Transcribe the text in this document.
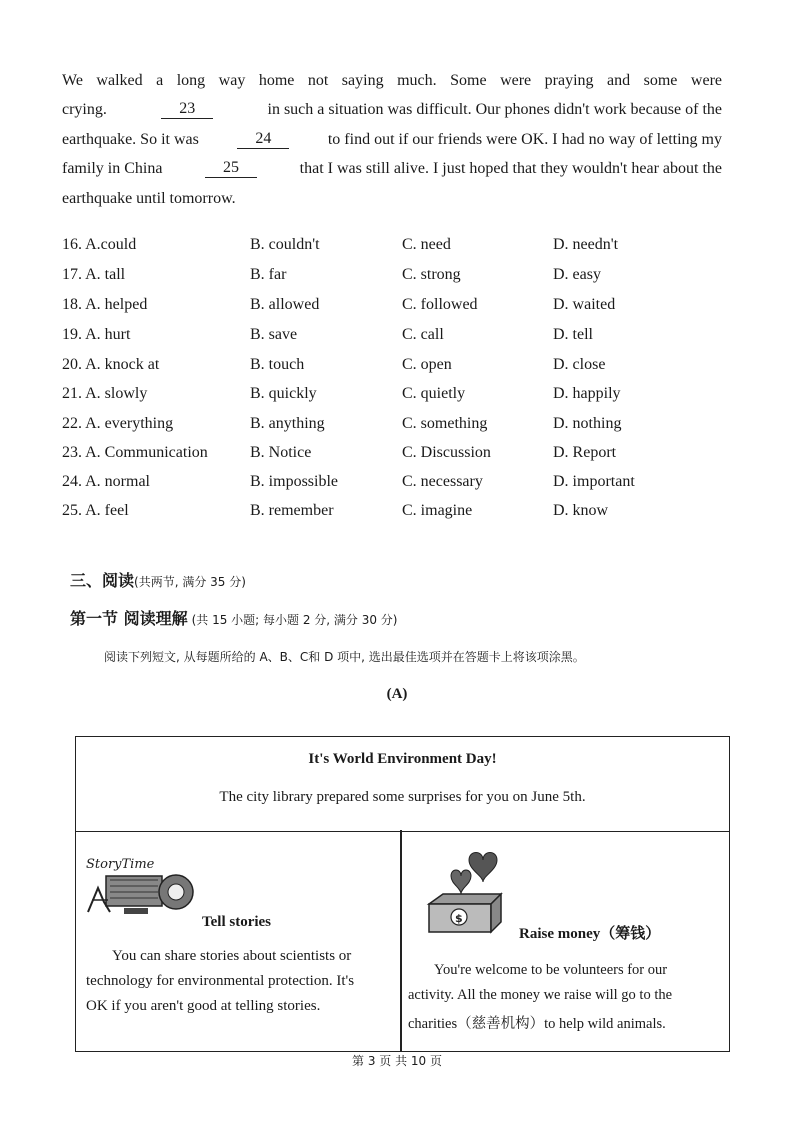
We walked a long way home not saying much. Some were praying and some were
crying.	23	in such a situation was difficult. Our phones didn't work because of the
earthquake. So it was	24	to find out if our friends were OK. I had no way of letting my
family in China	25	that I was still alive. I just hoped that they wouldn't hear about the
earthquake until tomorrow.
16. A.could	B. couldn't	C. need	D. needn't
17. A. tall	B. far	C. strong	D. easy
18. A. helped	B. allowed	C. followed	D. waited
19. A. hurt	B. save	C. call	D. tell
20. A. knock at	B. touch	C. open	D. close
21. A. slowly	B. quickly	C. quietly	D. happily
22. A. everything	B. anything	C. something	D. nothing
23. A. Communication	B. Notice	C. Discussion	D. Report
24. A. normal	B. impossible	C. necessary	D. important
25. A. feel	B. remember	C. imagine	D. know
三、阅读(共两节, 满分 35 分)
第一节 阅读理解 (共 15 小题; 每小题 2 分, 满分 30 分)
阅读下列短文, 从每题所给的 A、B、C和 D 项中, 选出最佳选项并在答题卡上将该项涂黑。
(A)
It's World Environment Day!
The city library prepared some surprises for you on June 5th.
StoryTime
Tell stories
You can share stories about scientists or
technology for environmental protection. It's
OK if you aren't good at telling stories.
$
Raise money（筹钱）
You're welcome to be volunteers for our
activity. All the money we raise will go to the
charities（慈善机构）to help wild animals.
第 3 页 共 10 页
